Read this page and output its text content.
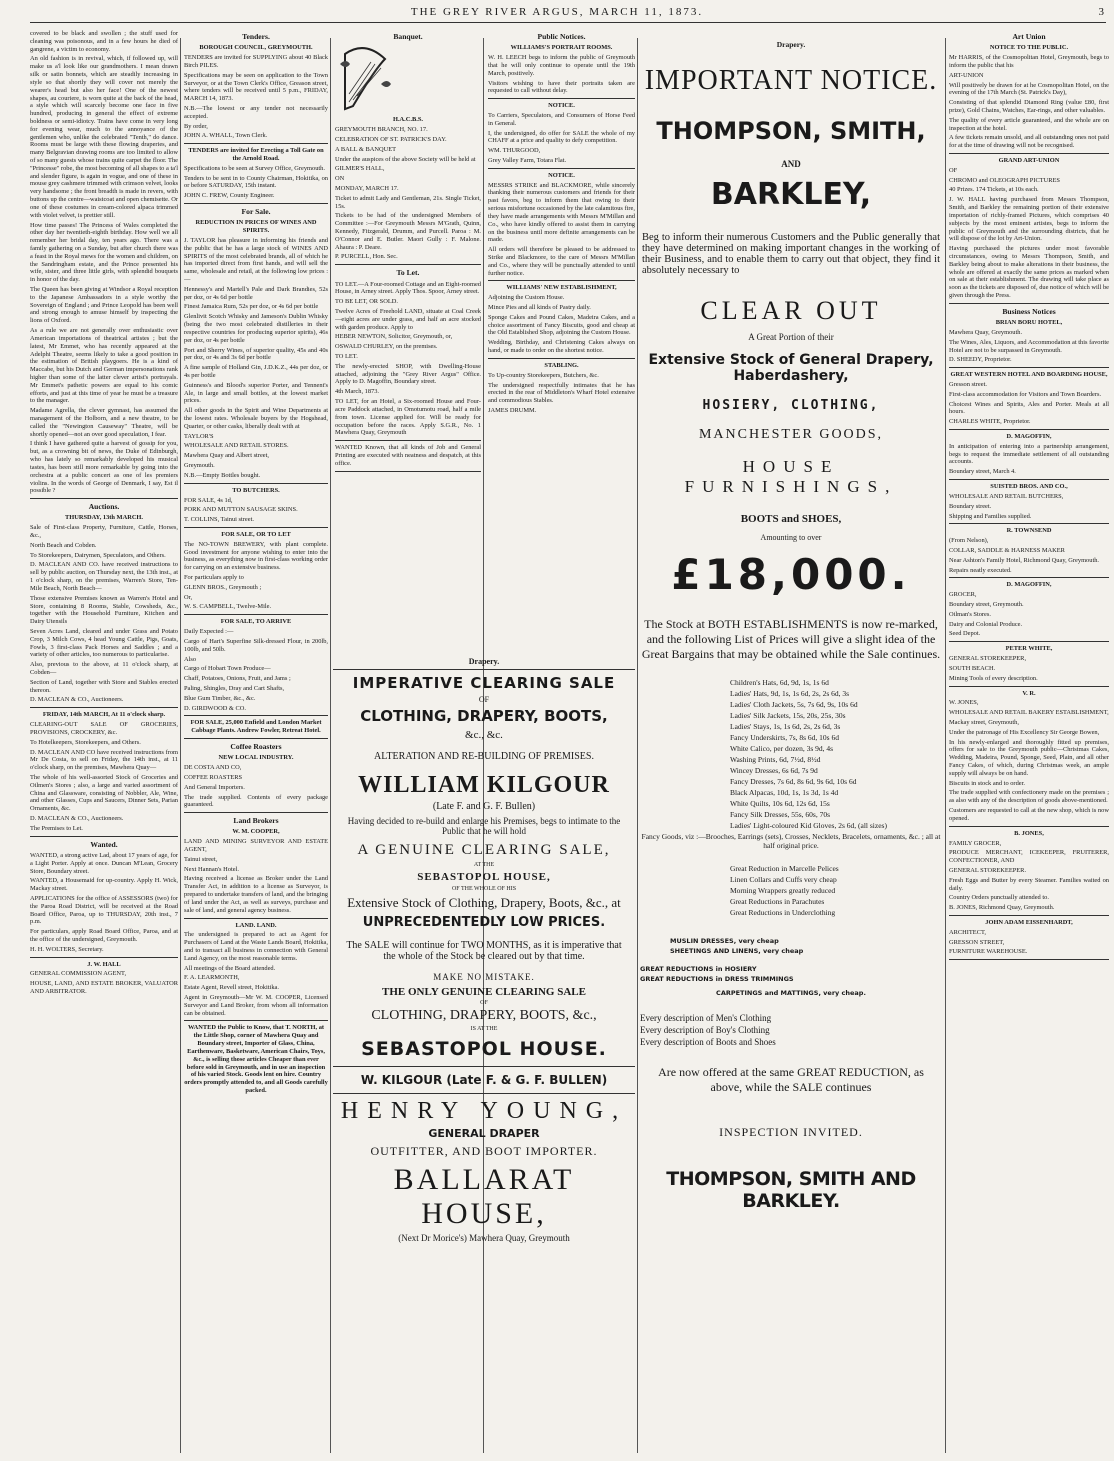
THE GREY RIVER ARGUS, MARCH 11, 1873.	3

covered to be black and swollen ; the stuff used for cleaning was poisonous, and in a few hours he died of gangrene, a victim to economy.

An old fashion is in revival, which, if followed up, will make us a'l look like our grandmothers. I mean drawn silk or satin bonnets, which are steadily increasing in style so that shortly they will cover not merely the wearer's head but also her face! One of the newest shapes, au couriere, is worn quite at the back of the head, a style which will scarcely become one face in five hundred, producing in general the effect of extreme boldness or semi-idiotcy. Trains have come in very long for evening wear, much to the annoyance of the gentlemen who, unlike the celebrated "Tenth," do dance. Rooms must be large with these flowing draperies, and many Belgravian drawing rooms are too limited to allow of so many guests whose trains quite carpet the floor. The "Princesse" robe, the most becoming of all shapes to a ta'l and slender figure, is again in vogue, and one of these in mouse grey cashmere trimmed with crimson velvet, looks very handsome ; the front breadth is made in revers, with buttons up the centre—waistcoat and open chemisette. Or one of these costumes in cream-colored alpaca trimmed with violet velvet, is prettier still.

How time passes! The Princess of Wales completed the other day her twentieth-eighth birthday. How well we all remember her bridal day, ten years ago. There was a family gathering on a Sunday, but after church there was a feast in the Royal mews for the women and children, on the Sandringham estate, and the Prince presented his wife, sister, and three little girls, with splendid bouquets in honor of the day.

The Queen has been giving at Windsor a Royal reception to the Japanese Ambassadors in a style worthy the Sovereign of England ; and Prince Leopold has been well and strong enough to amuse himself by inspecting the lions of Oxford.

As a rule we are not generally over enthusiastic over American importations of theatrical artistes ; but the latest, Mr Emmet, who has recently appeared at the Adelphi Theatre, seems likely to take a good position in the estimation of British playgoers. He is a kind of Maccabe, but his Dutch and German impersonations rank higher than some of the latter clever artist's portrayals. Mr Emmet's pathetic powers are equal to his comic efforts, and just at this time of year he must be a treasure to the manager.

Madame Agrella, the clever gymnast, has assumed the management of the Holborn, and a new theatre, to be called the "Newington Causeway" Theatre, will be shortly opened—not an over good speculation, I fear.

I think I have gathered quite a harvest of gossip for you, but, as a crowning bit of news, the Duke of Edinburgh, who has lately so remarkably developed his musical tastes, has been still more remarkable by going into the orchestra at a public concert as one of les premiers violins. In the words of George of Denmark, I say, Est il possible ?

Auctions.

THURSDAY, 13th MARCH.

Sale of First-class Property, Furniture, Cattle, Horses, &c.,

North Beach and Cobden.

To Storekeepers, Dairymen, Speculators, and Others.

D. MACLEAN AND CO. have received instructions to sell by public auction, on Thursday next, the 13th inst., at 1 o'clock sharp, on the premises, Warren's Store, Ten-Mile Beach, North Beach—

Those extensive Premises known as Warren's Hotel and Store, containing 8 Rooms, Stable, Cowsheds, &c., together with the Household Furniture, Kitchen and Dairy Utensils

Seven Acres Land, cleared and under Grass and Potato Crop, 3 Milch Cows, 4 head Young Cattle, Pigs, Goats, Fowls, 3 first-class Pack Horses and Saddles ; and a variety of other articles, too numerous to particularise.

Also, previous to the above, at 11 o'clock sharp, at Cobden—

Section of Land, together with Store and Stables erected thereon.

D. MACLEAN & CO., Auctioneers.

FRIDAY, 14th MARCH, At 11 o'clock sharp.

CLEARING-OUT SALE OF GROCERIES, PROVISIONS, CROCKERY, &c.

To Hotelkeepers, Storekeepers, and Others.

D. MACLEAN AND CO have received instructions from Mr De Costa, to sell on Friday, the 14th inst., at 11 o'clock sharp, on the premises, Mawhera Quay—

The whole of his well-assorted Stock of Groceries and Oilmen's Stores ; also, a large and varied assortment of China and Glassware, consisting of Nobbler, Ale, Wine, and other Glasses, Cups and Saucers, Dinner Sets, Parian Ornaments, &c.

D. MACLEAN & CO., Auctioneers.

The Premises to Let.

Wanted.

WANTED, a strong active Lad, about 17 years of age, for a Light Porter. Apply at once. Duncan M'Lean, Grocery Store, Boundary street.

WANTED, a Housemaid for up-country. Apply H. Wick, Mackay street.

APPLICATIONS for the office of ASSESSORS (two) for the Paroa Road District, will be received at the Road Board Office, Paroa, up to THURSDAY, 20th inst., 7 p.m.

For particulars, apply Road Board Office, Paroa, and at the office of the undersigned, Greymouth.

H. H. WOLTERS, Secretary.

J. W. HALL

GENERAL COMMISSION AGENT,

HOUSE, LAND, AND ESTATE BROKER, VALUATOR AND ARBITRATOR.

Tenders.

BOROUGH COUNCIL, GREYMOUTH.

TENDERS are invited for SUPPLYING about 40 Black Birch PILES.

Specifications may be seen on application to the Town Surveyor, or at the Town Clerk's Office, Greason street, where tenders will be received until 5 p.m., FRIDAY, MARCH 14, 1873.

N.B.—The lowest or any tender not necessarily accepted.

By order,

JOHN A. WHALL, Town Clerk.

TENDERS are invited for Erecting a Toll Gate on the Arnold Road.

Specifications to be seen at Survey Office, Greymouth.

Tenders to be sent in to County Chairman, Hokitika, on or before SATURDAY, 15th instant.

JOHN C. FREW, County Engineer.

For Sale.

REDUCTION IN PRICES OF WINES AND SPIRITS.

J. TAYLOR has pleasure in informing his friends and the public that he has a large stock of WINES AND SPIRITS of the most celebrated brands, all of which he has imported direct from first hands, and will sell the same, wholesale and retail, at the following low prices :—

Hennessy's and Martell's Pale and Dark Brandies, 52s per doz, or 4s 6d per bottle

Finest Jamaica Rum, 52s per doz, or 4s 6d per bottle

Glenlivit Scotch Whisky and Jameson's Dublin Whisky (being the two most celebrated distilleries in their respective countries for producing superior spirits), 46s per doz, or 4s per bottle

Port and Sherry Wines, of superior quality, 45s and 40s per doz, or 4s and 3s 6d per bottle

A fine sample of Holland Gin, J.D.K.Z., 44s per doz, or 4s per bottle

Guinness's and Blood's superior Porter, and Tennent's Ale, in large and small bottles, at the lowest market prices.

All other goods in the Spirit and Wine Departments at the lowest rates. Wholesale buyers by the Hogshead, Quarter, or other casks, liberally dealt with at

TAYLOR'S

WHOLESALE AND RETAIL STORES.

Mawhera Quay and Albert street,

Greymouth.

N.B.—Empty Bottles bought.

TO BUTCHERS.

FOR SALE, 4s 1d,

PORK AND MUTTON SAUSAGE SKINS.

T. COLLINS, Tainui street.

FOR SALE, OR TO LET

The NO-TOWN BREWERY, with plant complete. Good investment for anyone wishing to enter into the business, as everything now in first-class working order for carrying on an extensive business.

For particulars apply to

GLENN BROS., Greymouth ;

Or,

W. S. CAMPBELL, Twelve-Mile.

FOR SALE, TO ARRIVE

Daily Expected :—

Cargo of Hart's Superfine Silk-dressed Flour, in 200lb, 100lb, and 50lb.

Also

Cargo of Hobart Town Produce—

Chaff, Potatoes, Onions, Fruit, and Jams ;

Paling, Shingles, Dray and Cart Shafts,

Blue Gum Timber, &c., &c.

D. GIRDWOOD & CO.

FOR SALE, 25,000 Enfield and London Market Cabbage Plants. Andrew Fowler, Retreat Hotel.

Coffee Roasters

NEW LOCAL INDUSTRY.

DE COSTA AND CO,

COFFEE ROASTERS

And General Importers.

The trade supplied. Contents of every package guaranteed.

Land Brokers

W. M. COOPER,

LAND AND MINING SURVEYOR AND ESTATE AGENT,

Tainui street,

Next Hannan's Hotel.

Having received a license as Broker under the Land Transfer Act, in addition to a license as Surveyor, is prepared to undertake transfers of land, and the bringing of land under the Act, as well as surveys, purchase and sale of land, and general agency business.

LAND. LAND.

The undersigned is prepared to act as Agent for Purchasers of Land at the Waste Lands Board, Hokitika, and to transact all business in connection with General Land Agency, on the most reasonable terms.

All meetings of the Board attended.

F. A. LEARMONTH,

Estate Agent, Revell street, Hokitika.

Agent in Greymouth—Mr W. M. COOPER, Licensed Surveyor and Land Broker, from whom all information can be obtained.

WANTED the Public to Know, that T. NORTH, at the Little Shop, corner of Mawhera Quay and Boundary street, Importer of Glass, China, Earthenware, Basketware, American Chairs, Toys, &c., is selling those articles Cheaper than ever before sold in Greymouth, and in use an inspection of his varied Stock. Goods lent on hire. Country orders promptly attended to, and all Goods carefully packed.

Banquet.

H.A.C.B.S.

GREYMOUTH BRANCH, NO. 17.

CELEBRATION OF ST. PATRICK'S DAY.

A BALL & BANQUET

Under the auspices of the above Society will be held at

GILMER'S HALL,

ON

MONDAY, MARCH 17.

Ticket to admit Lady and Gentleman, 21s. Single Ticket, 15s.

Tickets to be had of the undersigned Members of Committee :—For Greymouth Messrs M'Grath, Quinn, Kennedy, Fitzgerald, Drumm, and Purcell. Paroa : M. O'Connor and E. Butler. Maori Gully : F. Malone. Ahaura : P. Deare.

P. PURCELL, Hon. Sec.

To Let.

TO LET.—A Four-roomed Cottage and an Eight-roomed House, in Arney street. Apply Thos. Spoor, Arney street.

TO BE LET, OR SOLD.

Twelve Acres of Freehold LAND, situate at Coal Creek—eight acres are under grass, and half an acre stocked with garden produce. Apply to

HEBER NEWTON, Solicitor, Greymouth, or,

OSWALD CHURLEY, on the premises.

TO LET.

The newly-erected SHOP, with Dwelling-House attached, adjoining the "Grey River Argus" Office. Apply to D. Magoffin, Boundary street.

4th March, 1873.

TO LET, for an Hotel, a Six-roomed House and Four-acre Paddock attached, in Omotumotu road, half a mile from town. License applied for. Will be ready for occupation before the races. Apply S.G.R., No. 1 Mawhera Quay, Greymouth

WANTED Known, that all kinds of Job and General Printing are executed with neatness and despatch, at this office.

Public Notices.

WILLIAMS'S PORTRAIT ROOMS.

W. H. LEECH begs to inform the public of Greymouth that he will only continue to operate until the 19th March, positively.

Visitors wishing to have their portraits taken are requested to call without delay.

NOTICE.

To Carriers, Speculators, and Consumers of Horse Feed in General.

I, the undersigned, do offer for SALE the whole of my CHAFF at a price and quality to defy competition.

WM. THURGOOD,

Grey Valley Farm, Totara Flat.

NOTICE.

MESSRS STRIKE and BLACKMORE, while sincerely thanking their numerous customers and friends for their past favors, beg to inform them that owing to their serious misfortune occasioned by the late calamitous fire, they have made arrangements with Messrs M'Millan and Co., who have kindly offered to assist them in carrying on the business until more definite arrangements can be made.

All orders will therefore be pleased to be addressed to Strike and Blackmore, to the care of Messrs M'Millan and Co., where they will be punctually attended to until further notice.

WILLIAMS' NEW ESTABLISHMENT,

Adjoining the Custom House.

Mince Pies and all kinds of Pastry daily.

Sponge Cakes and Pound Cakes, Madeira Cakes, and a choice assortment of Fancy Biscuits, good and cheap at the Old Established Shop, adjoining the Custom House.

Wedding, Birthday, and Christening Cakes always on hand, or made to order on the shortest notice.

STABLING.

To Up-country Storekeepers, Butchers, &c.

The undersigned respectfully intimates that he has erected in the rear of Middleton's Wharf Hotel extensive and commodious Stables.

JAMES DRUMM.

Drapery.
IMPERATIVE CLEARING SALE
OF
CLOTHING, DRAPERY, BOOTS,
&c., &c.
ALTERATION AND RE-BUILDING OF PREMISES.
WILLIAM KILGOUR
(Late F. and G. F. Bullen)
Having decided to re-build and enlarge his Premises, begs to intimate to the Public that he will hold
A GENUINE CLEARING SALE,
AT THE
SEBASTOPOL HOUSE,
OF THE WHOLE OF HIS
Extensive Stock of Clothing, Drapery, Boots, &c., at
UNPRECEDENTEDLY LOW PRICES.
The SALE will continue for TWO MONTHS, as it is imperative that the whole of the Stock be cleared out by that time.
MAKE NO MISTAKE.
THE ONLY GENUINE CLEARING SALE
OF
CLOTHING, DRAPERY, BOOTS, &c.,
IS AT THE
SEBASTOPOL HOUSE.
W. KILGOUR (Late F. & G. F. BULLEN)
HENRY YOUNG,
GENERAL DRAPER
OUTFITTER, AND BOOT IMPORTER.
BALLARAT HOUSE,
(Next Dr Morice's) Mawhera Quay, Greymouth
Drapery.
IMPORTANT NOTICE.
THOMPSON, SMITH,
AND
BARKLEY,
Beg to inform their numerous Customers and the Public generally that they have determined on making important changes in the working of their Business, and to enable them to carry out that object, they find it absolutely necessary to
CLEAR OUT
A Great Portion of their
Extensive Stock of General Drapery, Haberdashery,
HOSIERY, CLOTHING,
MANCHESTER GOODS,
HOUSE FURNISHINGS,
BOOTS and SHOES,
Amounting to over
£18,000.
The Stock at BOTH ESTABLISHMENTS is now re-marked, and the following List of Prices will give a slight idea of the Great Bargains that may be obtained while the Sale continues.

Children's Hats, 6d, 9d, 1s, 1s 6d

Ladies' Hats, 9d, 1s, 1s 6d, 2s, 2s 6d, 3s

Ladies' Cloth Jackets, 5s, 7s 6d, 9s, 10s 6d

Ladies' Silk Jackets, 15s, 20s, 25s, 30s

Ladies' Stays, 1s, 1s 6d, 2s, 2s 6d, 3s

Fancy Underskirts, 7s, 8s 6d, 10s 6d

White Calico, per dozen, 3s 9d, 4s

Washing Prints, 6d, 7½d, 8½d

Wincey Dresses, 6s 6d, 7s 9d

Fancy Dresses, 7s 6d, 8s 6d, 9s 6d, 10s 6d

Black Alpacas, 10d, 1s, 1s 3d, 1s 4d

White Quilts, 10s 6d, 12s 6d, 15s

Fancy Silk Dresses, 55s, 60s, 70s

Ladies' Light-coloured Kid Gloves, 2s 6d, (all sizes)

Fancy Goods, viz :—Brooches, Earrings (sets), Crosses, Necklets, Bracelets, ornaments, &c. ; all at half original price.

Great Reduction in Marcelle Pelices

Linen Collars and Cuffs very cheap

Morning Wrappers greatly reduced

Great Reductions in Parachutes

Great Reductions in Underclothing

MUSLIN DRESSES, very cheap

SHEETINGS AND LINENS, very cheap

GREAT REDUCTIONS in HOSIERY

GREAT REDUCTIONS in DRESS TRIMMINGS

CARPETINGS and MATTINGS, very cheap.

Every description of Men's Clothing

Every description of Boy's Clothing

Every description of Boots and Shoes

Are now offered at the same GREAT REDUCTION, as above, while the SALE continues
INSPECTION INVITED.
THOMPSON, SMITH AND BARKLEY.
Art Union

NOTICE TO THE PUBLIC.

Mr HARRIS, of the Cosmopolitan Hotel, Greymouth, begs to inform the public that his

ART-UNION

Will positively be drawn for at he Cosmopolitan Hotel, on the evening of the 17th March (St. Patrick's Day),

Consisting of that splendid Diamond Ring (value £80, first prize), Gold Chains, Watches, Ear-rings, and other valuables.

The quality of every article guaranteed, and the whole are on inspection at the hotel.

A few tickets remain unsold, and all outstanding ones not paid for at the time of drawing will not be recognised.

GRAND ART-UNION

OF

CHROMO and OLEOGRAPH PICTURES

40 Prizes. 174 Tickets, at 10s each.

J. W. HALL having purchased from Messrs Thompson, Smith, and Barkley the remaining portion of their extensive importation of richly-framed Pictures, which comprises 40 subjects by the most eminent artistes, begs to inform the public of Greymouth and the surrounding districts, that he will dispose of the lot by Art-Union.

Having purchased the pictures under most favorable circumstances, owing to Messrs Thompson, Smith, and Barkley being about to make alterations in their business, the whole are offered at exactly the same prices as marked when on sale at their establishment. The drawing will take place as soon as the tickets are disposed of, due notice of which will be given through the Press.

Business Notices

BRIAN BORU HOTEL,

Mawhera Quay, Greymouth.

The Wines, Ales, Liquors, and Accommodation at this favorite Hotel are not to be surpassed in Greymouth.

D. SHEEDY, Proprietor.

GREAT WESTERN HOTEL AND BOARDING HOUSE,

Gresson street.

First-class accommodation for Visitors and Town Boarders.

Choicest Wines and Spirits, Ales and Porter. Meals at all hours.

CHARLES WHITE, Proprietor.

D. MAGOFFIN,

In anticipation of entering into a partnership arrangement, begs to request the immediate settlement of all outstanding accounts.

Boundary street, March 4.

SUISTED BROS. AND CO.,

WHOLESALE AND RETAIL BUTCHERS,

Boundary street.

Shipping and Families supplied.

R. TOWNSEND

(From Nelson),

COLLAR, SADDLE & HARNESS MAKER

Near Ashton's Family Hotel, Richmond Quay, Greymouth.

Repairs neatly executed.

D. MAGOFFIN,

GROCER,

Boundary street, Greymouth.

Oilman's Stores.

Dairy and Colonial Produce.

Seed Depot.

PETER WHITE,

GENERAL STOREKEEPER,

SOUTH BEACH.

Mining Tools of every description.

V. R.

W. JONES,

WHOLESALE AND RETAIL BAKERY ESTABLISHMENT,

Mackay street, Greymouth,

Under the patronage of His Excellency Sir George Bowen,

In his newly-enlarged and thoroughly fitted up premises, offers for sale to the Greymouth public—Christmas Cakes, Wedding, Madeira, Pound, Sponge, Seed, Plain, and all other Fancy Cakes, of which, during Christmas week, an ample supply will always be on hand.

Biscuits in stock and to order.

The trade supplied with confectionery made on the premises ; as also with any of the description of goods above-mentioned.

Customers are requested to call at the new shop, which is now opened.

B. JONES,

FAMILY GROCER,

PRODUCE MERCHANT, ICEKEEPER, FRUITERER, CONFECTIONER, AND

GENERAL STOREKEEPER.

Fresh Eggs and Butter by every Steamer. Families waited on daily.

Country Orders punctually attended to.

B. JONES, Richmond Quay, Greymouth.

JOHN ADAM EISSENHARDT,

ARCHITECT,

GRESSON STREET,

FURNITURE WAREHOUSE.
